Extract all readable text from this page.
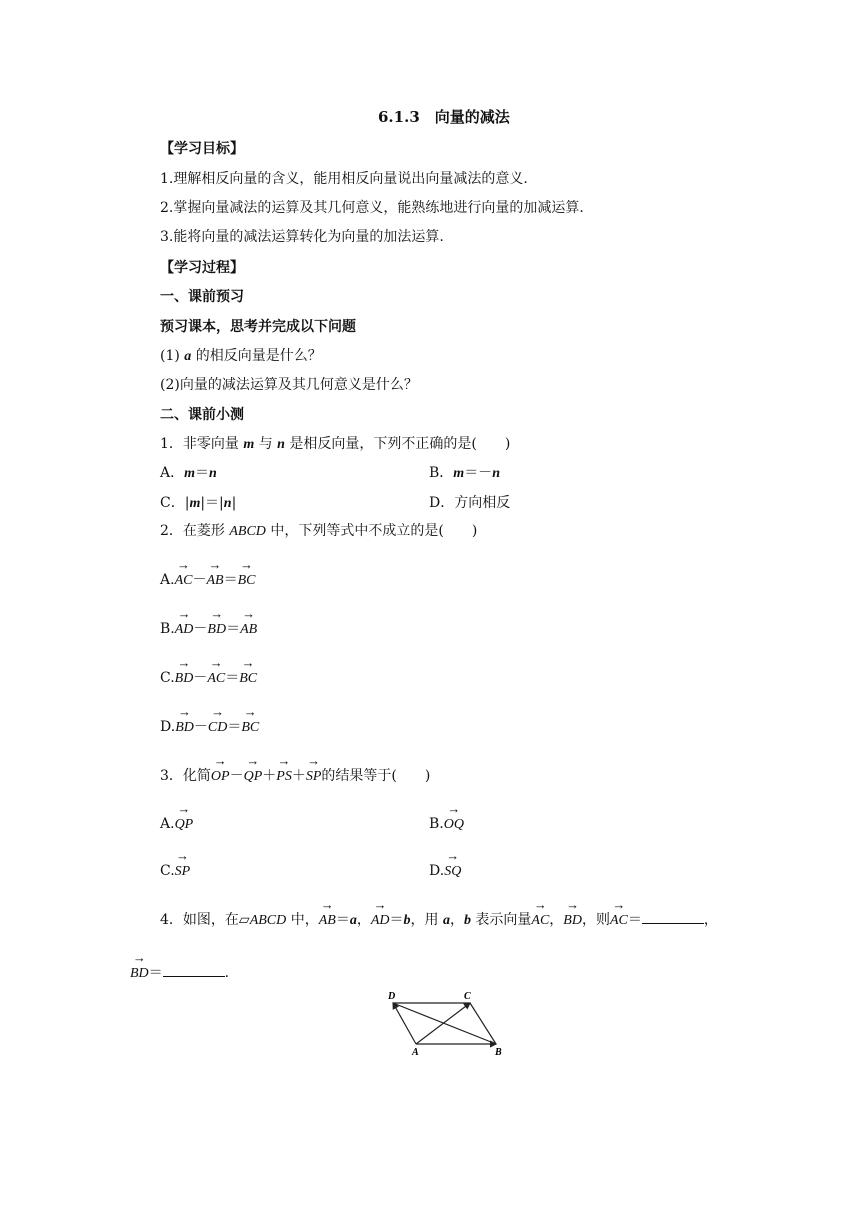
6.1.3　向量的减法
【学习目标】
1.理解相反向量的含义，能用相反向量说出向量减法的意义.
2.掌握向量减法的运算及其几何意义，能熟练地进行向量的加减运算.
3.能将向量的减法运算转化为向量的加法运算.
【学习过程】
一、课前预习
预习课本，思考并完成以下问题
(1) a 的相反向量是什么？
(2)向量的减法运算及其几何意义是什么？
二、课前小测
1．非零向量 m 与 n 是相反向量，下列不正确的是(　　)
A．m＝n	B．m＝－n
C．|m|＝|n|	D．方向相反
2．在菱形 ABCD 中，下列等式中不成立的是(　　)
A.→ AC－→ AB＝→ BC
B.→ AD－→ BD＝→ AB
C.→ BD－→ AC＝→ BC
D.→ BD－→ CD＝→ BC
3．化简→ OP－→ QP＋→ PS＋→ SP的结果等于(　　)
A.→ QP	B.→ OQ
C.→ SP	D.→ SQ
4．如图，在▱ABCD 中，→ AB＝a，→ AD＝b，用 a，b 表示向量→ AC，→ BD，则→ AC＝	，
→ BD＝	.
D	C
A	B
